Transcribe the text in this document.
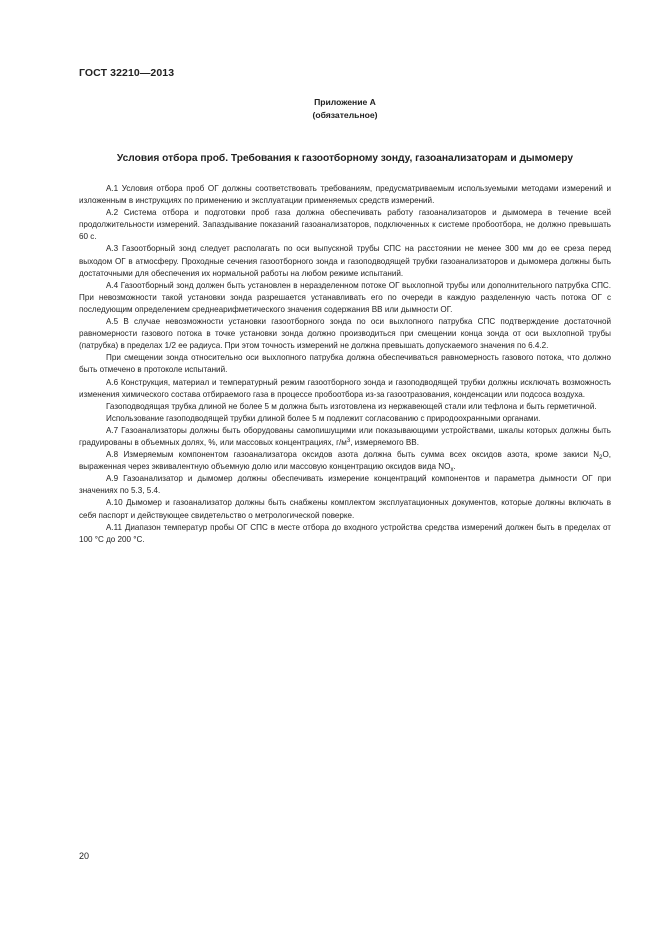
ГОСТ 32210—2013
Приложение А
(обязательное)
Условия отбора проб. Требования к газоотборному зонду, газоанализаторам и дымомеру

А.1 Условия отбора проб ОГ должны соответствовать требованиям, предусматриваемым используемыми методами измерений и изложенным в инструкциях по применению и эксплуатации применяемых средств измерений.

А.2 Система отбора и подготовки проб газа должна обеспечивать работу газоанализаторов и дымомера в течение всей продолжительности измерений. Запаздывание показаний газоанализаторов, подключенных к системе пробоотбора, не должно превышать 60 с.

А.3 Газоотборный зонд следует располагать по оси выпускной трубы СПС на расстоянии не менее 300 мм до ее среза перед выходом ОГ в атмосферу. Проходные сечения газоотборного зонда и газоподводящей трубки газоанализаторов и дымомера должны быть достаточными для обеспечения их нормальной работы на любом режиме испытаний.

А.4 Газоотборный зонд должен быть установлен в неразделенном потоке ОГ выхлопной трубы или дополнительного патрубка СПС. При невозможности такой установки зонда разрешается устанавливать его по очереди в каждую разделенную часть потока ОГ с последующим определением среднеарифметического значения содержания ВВ или дымности ОГ.

А.5 В случае невозможности установки газоотборного зонда по оси выхлопного патрубка СПС подтверждение достаточной равномерности газового потока в точке установки зонда должно производиться при смещении конца зонда от оси выхлопной трубы (патрубка) в пределах 1/2 ее радиуса. При этом точность измерений не должна превышать допускаемого значения по 6.4.2.

При смещении зонда относительно оси выхлопного патрубка должна обеспечиваться равномерность газового потока, что должно быть отмечено в протоколе испытаний.

А.6 Конструкция, материал и температурный режим газоотборного зонда и газоподводящей трубки должны исключать возможность изменения химического состава отбираемого газа в процессе пробоотбора из-за газоотразования, конденсации или подсоса воздуха.

Газоподводящая трубка длиной не более 5 м должна быть изготовлена из нержавеющей стали или тефлона и быть герметичной.

Использование газоподводящей трубки длиной более 5 м подлежит согласованию с природоохранными органами.

А.7 Газоанализаторы должны быть оборудованы самопишущими или показывающими устройствами, шкалы которых должны быть градуированы в объемных долях, %, или массовых концентрациях, $г/м^3$, измеряемого ВВ.

А.8 Измеряемым компонентом газоанализатора оксидов азота должна быть сумма всех оксидов азота, кроме закиси $N_2O$, выраженная через эквивалентную объемную долю или массовую концентрацию оксидов вида $NO_x$.

А.9 Газоанализатор и дымомер должны обеспечивать измерение концентраций компонентов и параметра дымности ОГ при значениях по 5.3, 5.4.

А.10 Дымомер и газоанализатор должны быть снабжены комплектом эксплуатационных документов, которые должны включать в себя паспорт и действующее свидетельство о метрологической поверке.

А.11 Диапазон температур пробы ОГ СПС в месте отбора до входного устройства средства измерений должен быть в пределах от 100 °С до 200 °С.

20
